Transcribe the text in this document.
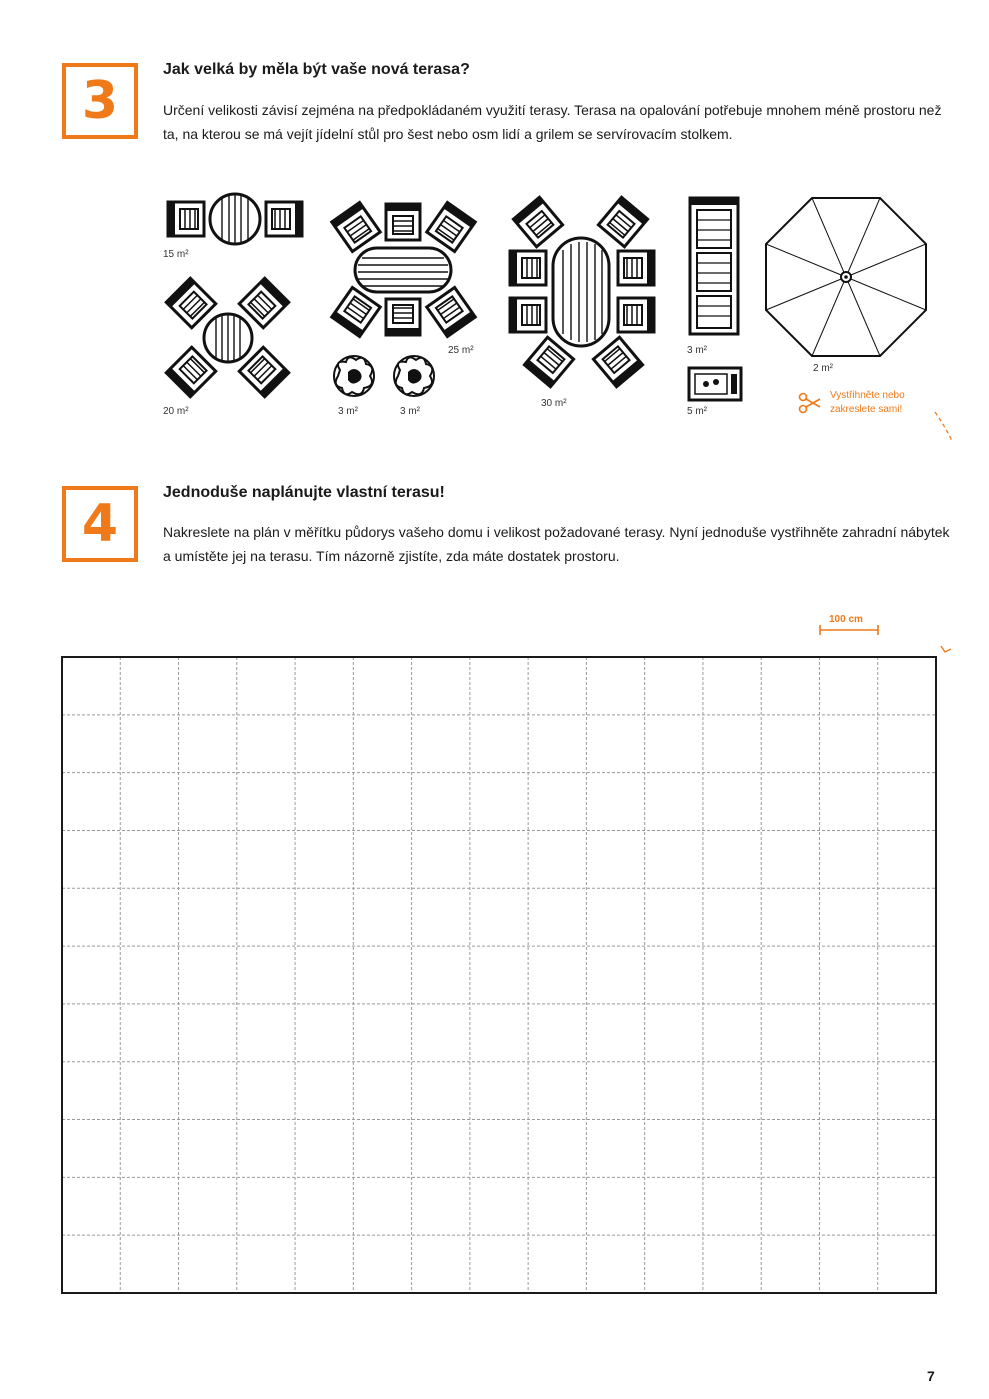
3
Jak velká by měla být vaše nová terasa?
Určení velikosti závisí zejména na předpokládaném využití terasy. Terasa na opalování potřebuje mnohem méně prostoru než ta, na kterou se má vejít jídelní stůl pro šest nebo osm lidí a grilem se servírovacím stolkem.
15 m²
20 m²
25 m²
3 m²	3 m²
30 m²
3 m²
5 m²
2 m²
Vystřihněte nebo
zakreslete sami!
4
Jednoduše naplánujte vlastní terasu!
Nakreslete na plán v měřítku půdorys vašeho domu i velikost požadované terasy. Nyní jednoduše vystřihněte zahradní nábytek a umístěte jej na terasu. Tím názorně zjistíte, zda máte dostatek prostoru.
100 cm
7
